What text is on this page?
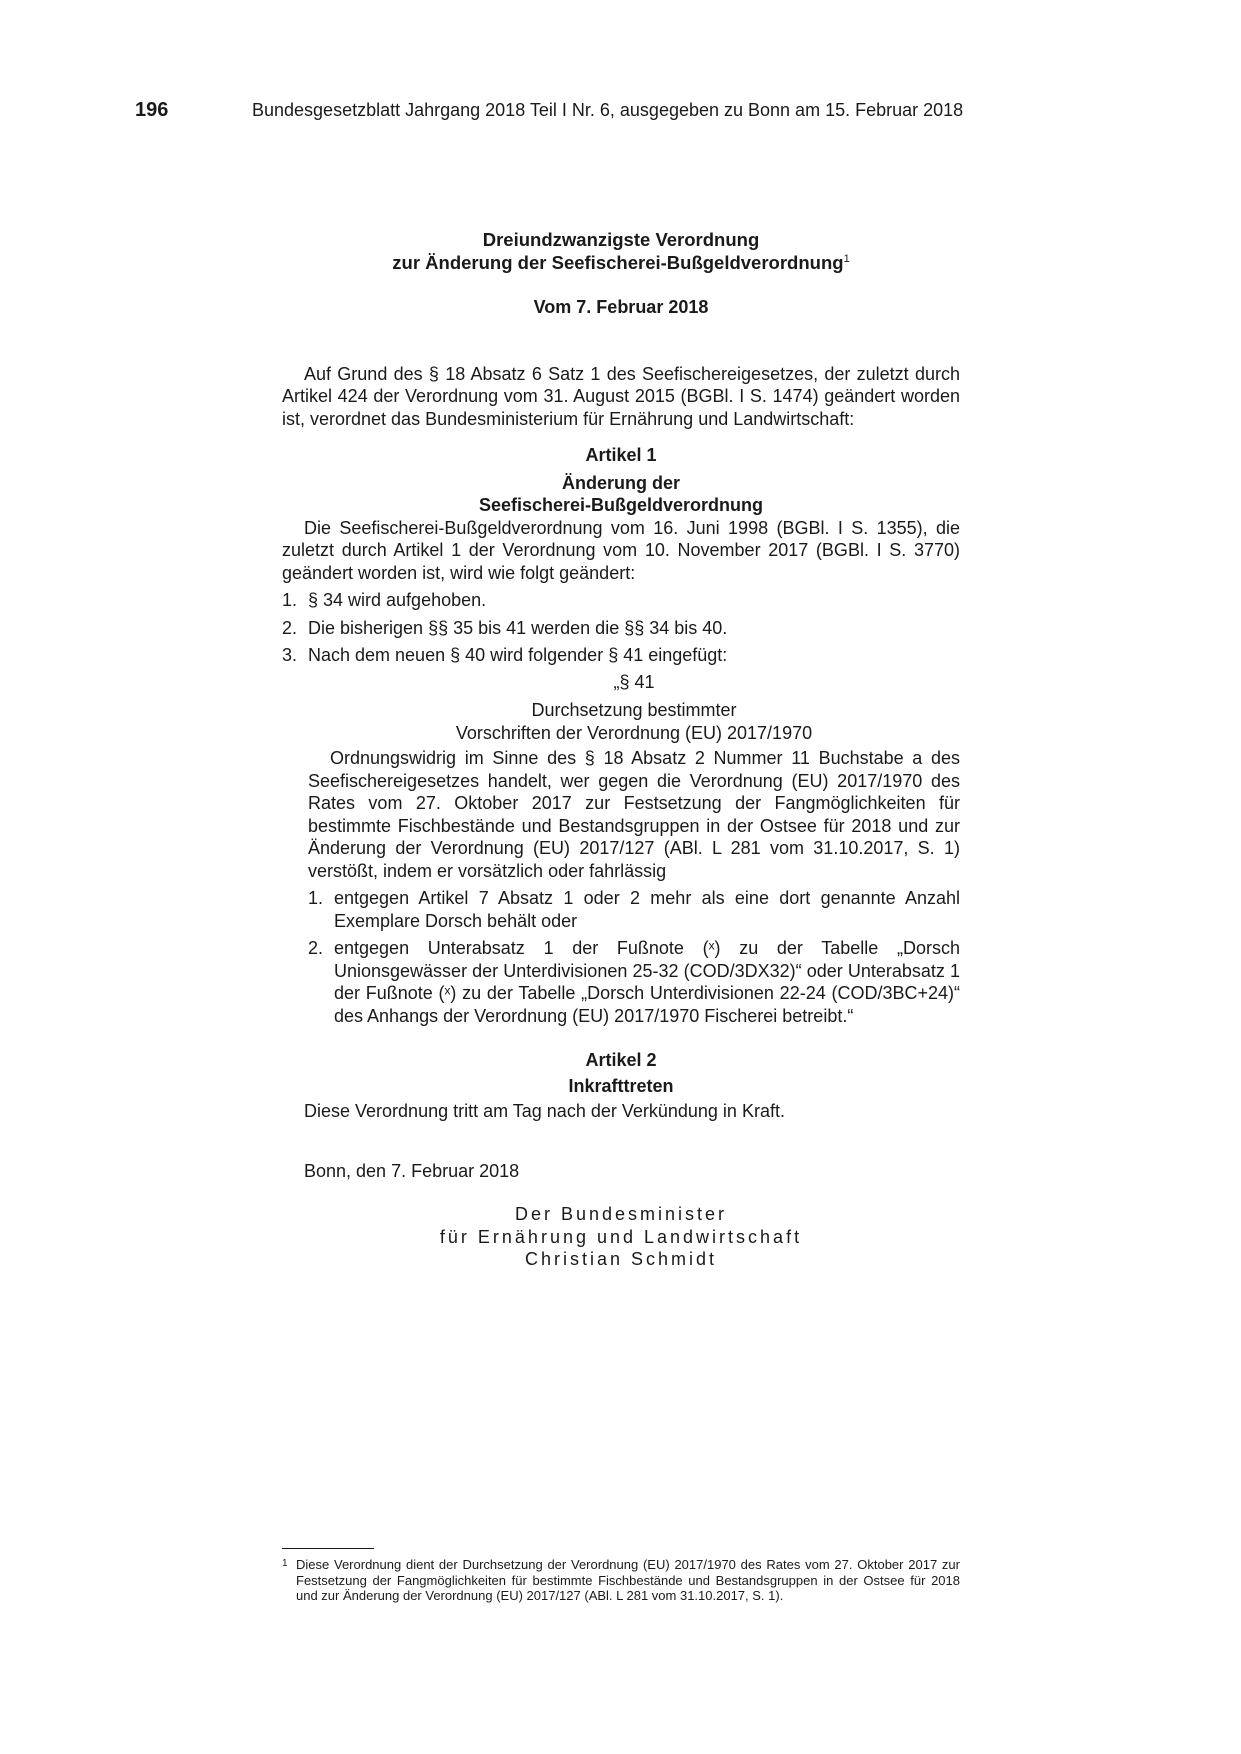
196	Bundesgesetzblatt Jahrgang 2018 Teil I Nr. 6, ausgegeben zu Bonn am 15. Februar 2018
Dreiundzwanzigste Verordnung
zur Änderung der Seefischerei-Bußgeldverordnung$^1$
Vom 7. Februar 2018
Auf Grund des § 18 Absatz 6 Satz 1 des Seefischereigesetzes, der zuletzt durch Artikel 424 der Verordnung vom 31. August 2015 (BGBl. I S. 1474) geändert worden ist, verordnet das Bundesministerium für Ernährung und Landwirtschaft:
Artikel 1
Änderung der
Seefischerei-Bußgeldverordnung
Die Seefischerei-Bußgeldverordnung vom 16. Juni 1998 (BGBl. I S. 1355), die zuletzt durch Artikel 1 der Verordnung vom 10. November 2017 (BGBl. I S. 3770) geändert worden ist, wird wie folgt geändert:
1. § 34 wird aufgehoben.
2. Die bisherigen §§ 35 bis 41 werden die §§ 34 bis 40.
3. Nach dem neuen § 40 wird folgender § 41 eingefügt:
„§ 41
Durchsetzung bestimmter
Vorschriften der Verordnung (EU) 2017/1970
Ordnungswidrig im Sinne des § 18 Absatz 2 Nummer 11 Buchstabe a des Seefischereigesetzes handelt, wer gegen die Verordnung (EU) 2017/1970 des Rates vom 27. Oktober 2017 zur Festsetzung der Fangmöglichkeiten für bestimmte Fischbestände und Bestandsgruppen in der Ostsee für 2018 und zur Änderung der Verordnung (EU) 2017/127 (ABl. L 281 vom 31.10.2017, S. 1) verstößt, indem er vorsätzlich oder fahrlässig
1. entgegen Artikel 7 Absatz 1 oder 2 mehr als eine dort genannte Anzahl Exemplare Dorsch behält oder
2. entgegen Unterabsatz 1 der Fußnote (ˣ) zu der Tabelle „Dorsch Unionsgewässer der Unterdivisionen 25-32 (COD/3DX32)“ oder Unterabsatz 1 der Fußnote (ˣ) zu der Tabelle „Dorsch Unterdivisionen 22-24 (COD/3BC+24)“ des Anhangs der Verordnung (EU) 2017/1970 Fischerei betreibt.“
Artikel 2
Inkrafttreten
Diese Verordnung tritt am Tag nach der Verkündung in Kraft.
Bonn, den 7. Februar 2018
Der Bundesminister
für Ernährung und Landwirtschaft
Christian Schmidt
1 Diese Verordnung dient der Durchsetzung der Verordnung (EU) 2017/1970 des Rates vom 27. Oktober 2017 zur Festsetzung der Fangmöglichkeiten für bestimmte Fischbestände und Bestandsgruppen in der Ostsee für 2018 und zur Änderung der Verordnung (EU) 2017/127 (ABl. L 281 vom 31.10.2017, S. 1).
